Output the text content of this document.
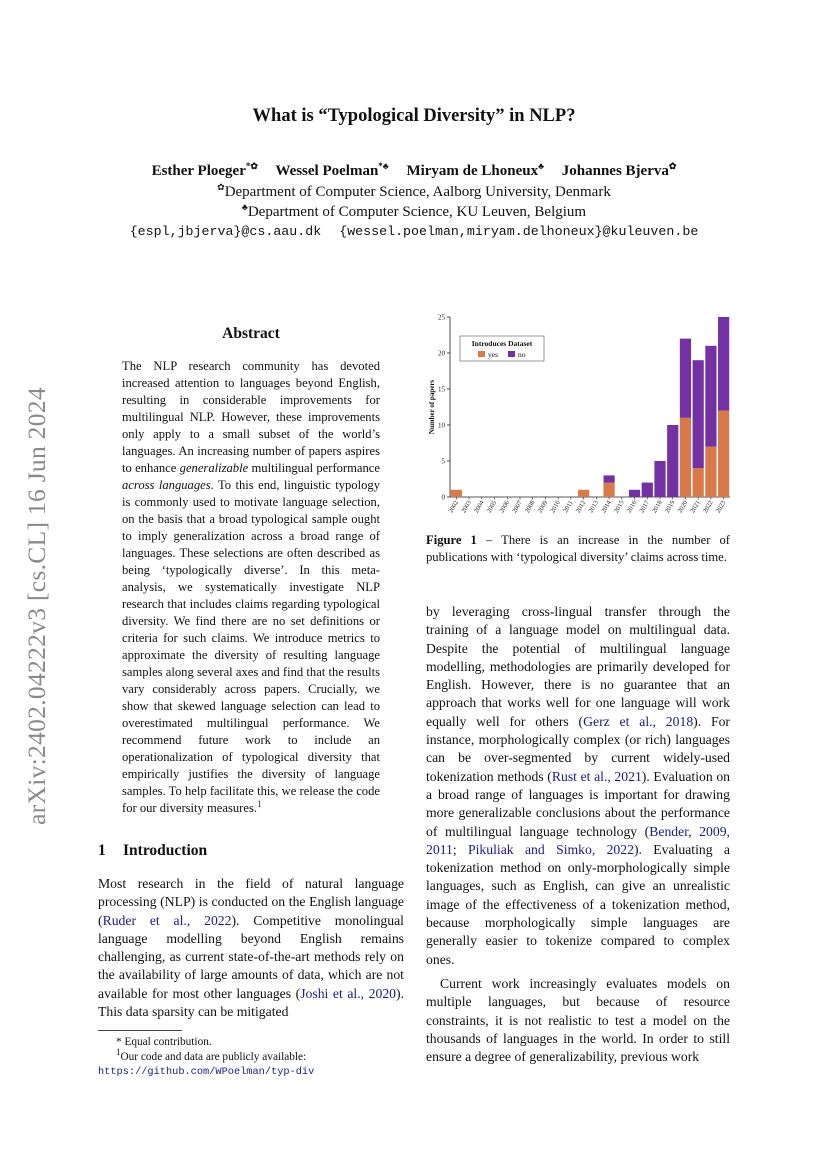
arXiv:2402.04222v3 [cs.CL] 16 Jun 2024
What is “Typological Diversity” in NLP?
Esther Ploeger*✿ Wessel Poelman*♣ Miryam de Lhoneux♣ Johannes Bjerva✿
✿Department of Computer Science, Aalborg University, Denmark
♣Department of Computer Science, KU Leuven, Belgium
{espl,jbjerva}@cs.aau.dk {wessel.poelman,miryam.delhoneux}@kuleuven.be
Abstract

The NLP research community has devoted increased attention to languages beyond English, resulting in considerable improvements for multilingual NLP. However, these improvements only apply to a small subset of the world’s languages. An increasing number of papers aspires to enhance generalizable multilingual performance across languages. To this end, linguistic typology is commonly used to motivate language selection, on the basis that a broad typological sample ought to imply generalization across a broad range of languages. These selections are often described as being ‘typologically diverse’. In this meta-analysis, we systematically investigate NLP research that includes claims regarding typological diversity. We find there are no set definitions or criteria for such claims. We introduce metrics to approximate the diversity of resulting language samples along several axes and find that the results vary considerably across papers. Crucially, we show that skewed language selection can lead to overestimated multilingual performance. We recommend future work to include an operationalization of typological diversity that empirically justifies the diversity of language samples. To help facilitate this, we release the code for our diversity measures.$^1$

1 Introduction

Most research in the field of natural language processing (NLP) is conducted on the English language (Ruder et al., 2022). Competitive monolingual language modelling beyond English remains challenging, as current state-of-the-art methods rely on the availability of large amounts of data, which are not available for most other languages (Joshi et al., 2020). This data sparsity can be mitigated

* Equal contribution.

$^1$Our code and data are publicly available:

https://github.com/WPoelman/typ-div

0
5
10
15
20
25
Number of papers
2002 2003 2004 2005 2006 2007 2008 2009 2010 2011 2012 2013 2014 2015 2016 2017 2018 2019 2020 2021 2022 2023
Introduces Dataset
yes	no
Figure 1 – There is an increase in the number of publications with ‘typological diversity’ claims across time.

by leveraging cross-lingual transfer through the training of a language model on multilingual data. Despite the potential of multilingual language modelling, methodologies are primarily developed for English. However, there is no guarantee that an approach that works well for one language will work equally well for others (Gerz et al., 2018). For instance, morphologically complex (or rich) languages can be over-segmented by current widely-used tokenization methods (Rust et al., 2021). Evaluation on a broad range of languages is important for drawing more generalizable conclusions about the performance of multilingual language technology (Bender, 2009, 2011; Pikuliak and Simko, 2022). Evaluating a tokenization method on only-morphologically simple languages, such as English, can give an unrealistic image of the effectiveness of a tokenization method, because morphologically simple languages are generally easier to tokenize compared to complex ones.

Current work increasingly evaluates models on multiple languages, but because of resource constraints, it is not realistic to test a model on the thousands of languages in the world. In order to still ensure a degree of generalizability, previous work
